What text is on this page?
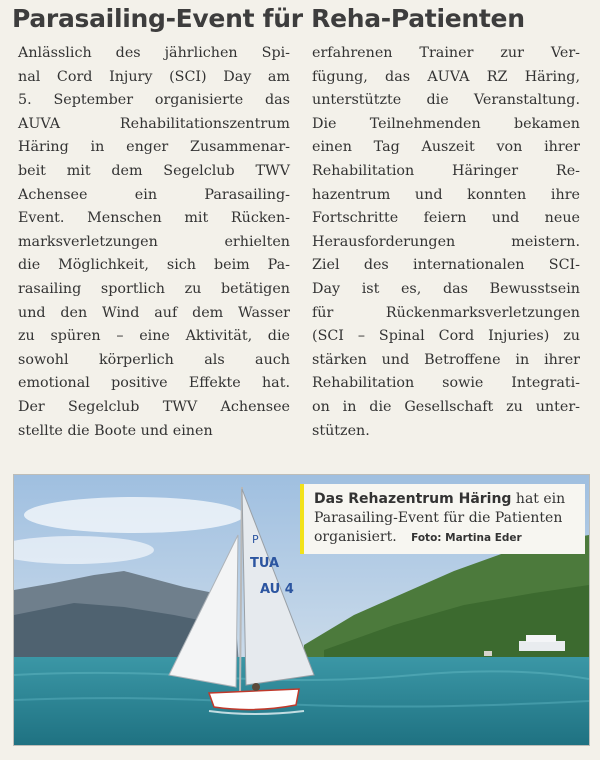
Parasailing-Event für Reha-Patienten

Anlässlich des jährlichen Spi-

nal Cord Injury (SCI) Day am

5. September organisierte das

AUVA Rehabilitationszentrum

Häring in enger Zusammenar-

beit mit dem Segelclub TWV

Achensee ein Parasailing-

Event. Menschen mit Rücken-

marksverletzungen erhielten

die Möglichkeit, sich beim Pa-

rasailing sportlich zu betätigen

und den Wind auf dem Wasser

zu spüren – eine Aktivität, die

sowohl körperlich als auch

emotional positive Effekte hat.

Der Segelclub TWV Achensee

stellte die Boote und einen

erfahrenen Trainer zur Ver-

fügung, das AUVA RZ Häring,

unterstützte die Veranstaltung.

Die Teilnehmenden bekamen

einen Tag Auszeit von ihrer

Rehabilitation Häringer Re-

hazentrum und konnten ihre

Fortschritte feiern und neue

Herausforderungen meistern.

Ziel des internationalen SCI-

Day ist es, das Bewusstsein

für Rückenmarksverletzungen

(SCI – Spinal Cord Injuries) zu

stärken und Betroffene in ihrer

Rehabilitation sowie Integrati-

on in die Gesellschaft zu unter-

stützen.

P
TUA
AU 4
Das Rehazentrum Häring hat ein Parasailing-Event für die Patienten organisiert. Foto: Martina Eder
